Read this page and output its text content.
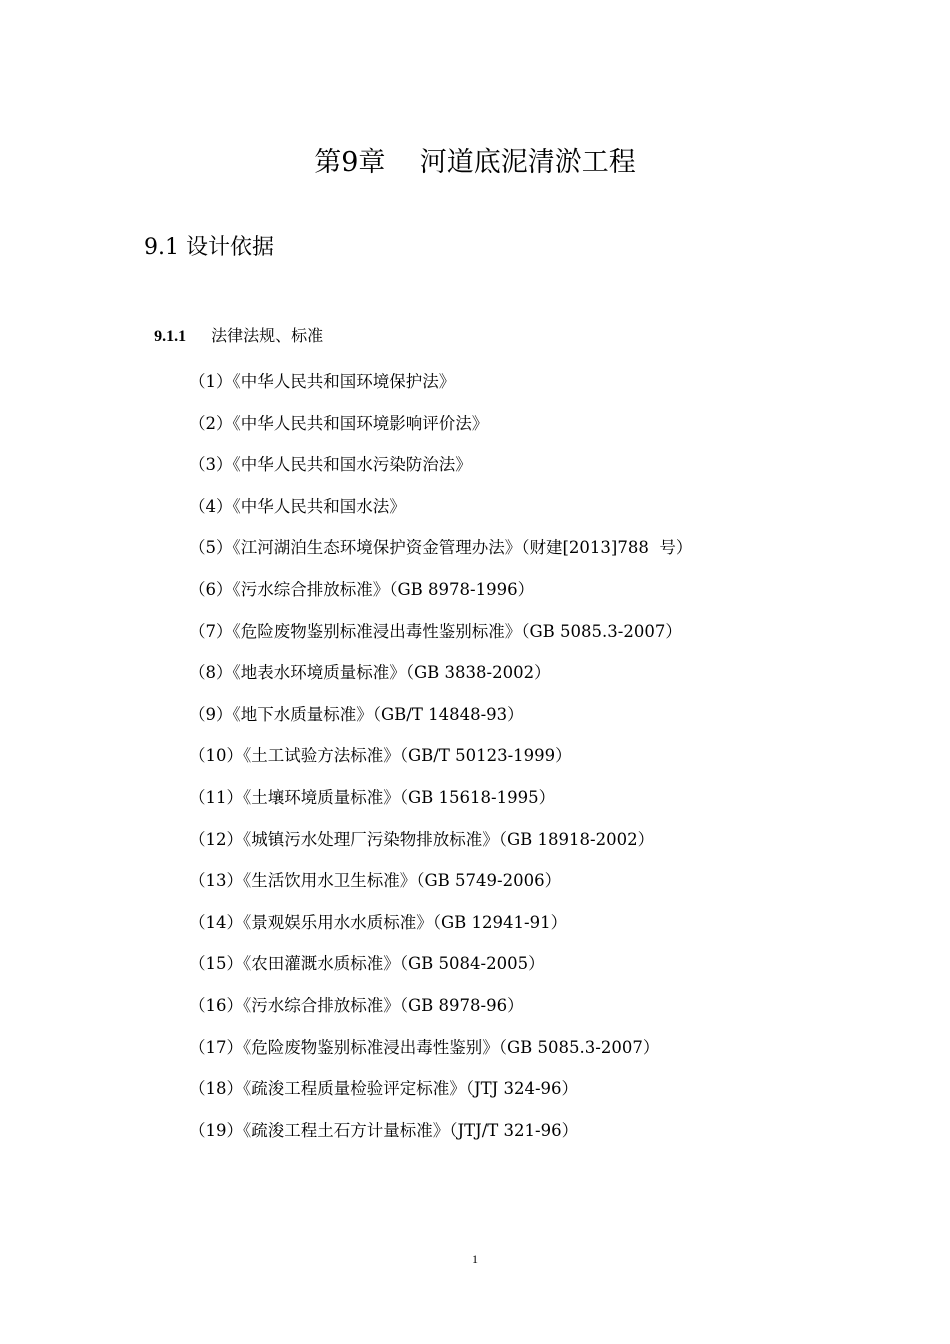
第9章    河道底泥清淤工程
9.1 设计依据

9.1.1 法律法规、标准

（1）《中华人民共和国环境保护法》
（2）《中华人民共和国环境影响评价法》
（3）《中华人民共和国水污染防治法》
（4）《中华人民共和国水法》
（5）《江河湖泊生态环境保护资金管理办法》（财建[2013]788  号）
（6）《污水综合排放标准》（GB 8978-1996）
（7）《危险废物鉴别标准浸出毒性鉴别标准》（GB 5085.3-2007）
（8）《地表水环境质量标准》（GB 3838-2002）
（9）《地下水质量标准》（GB/T 14848-93）
（10）《土工试验方法标准》（GB/T 50123-1999）
（11）《土壤环境质量标准》（GB 15618-1995）
（12）《城镇污水处理厂污染物排放标准》（GB 18918-2002）
（13）《生活饮用水卫生标准》（GB 5749-2006）
（14）《景观娱乐用水水质标准》（GB 12941-91）
（15）《农田灌溉水质标准》（GB 5084-2005）
（16）《污水综合排放标准》（GB 8978-96）
（17）《危险废物鉴别标准浸出毒性鉴别》（GB 5085.3-2007）
（18）《疏浚工程质量检验评定标准》（JTJ 324-96）
（19）《疏浚工程土石方计量标准》（JTJ/T 321-96）
1
